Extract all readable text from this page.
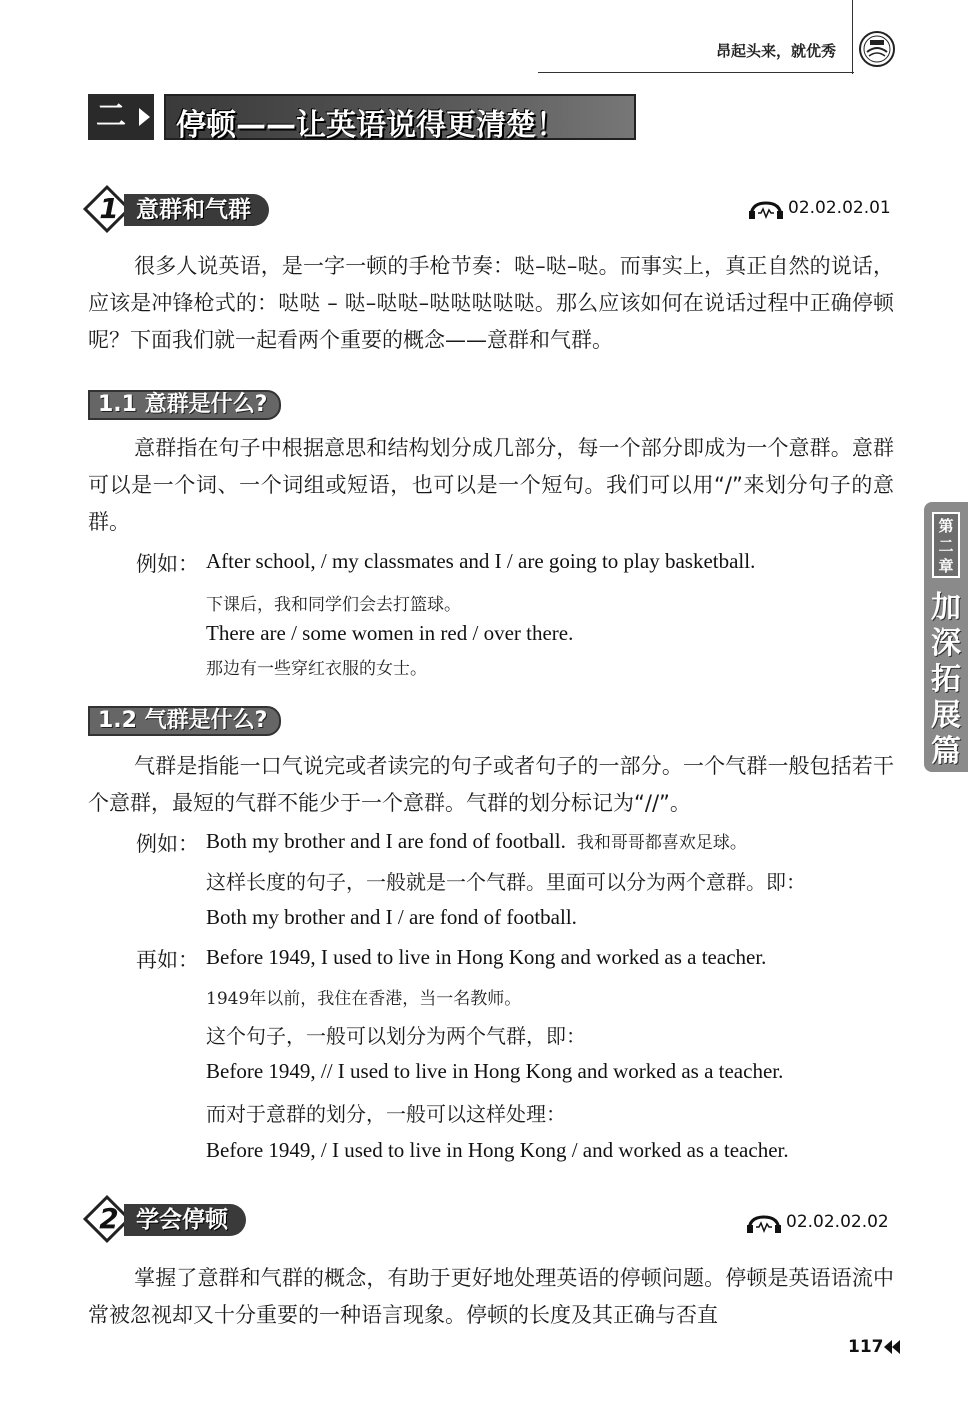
昂起头来，就优秀
二	停顿——让英语说得更清楚！
1 意群和气群	02.02.02.01
很多人说英语，是一字一顿的手枪节奏：哒–哒–哒。而事实上，真正自然的说话，应该是冲锋枪式的：哒哒 – 哒–哒哒–哒哒哒哒哒。那么应该如何在说话过程中正确停顿呢？下面我们就一起看两个重要的概念——意群和气群。
1.1 意群是什么?
意群指在句子中根据意思和结构划分成几部分，每一个部分即成为一个意群。意群可以是一个词、一个词组或短语，也可以是一个短句。我们可以用“/”来划分句子的意群。
例如： After school, / my classmates and I / are going to play basketball.
下课后，我和同学们会去打篮球。
There are / some women in red / over there.
那边有一些穿红衣服的女士。
1.2 气群是什么?
气群是指能一口气说完或者读完的句子或者句子的一部分。一个气群一般包括若干个意群，最短的气群不能少于一个意群。气群的划分标记为“//”。
例如： Both my brother and I are fond of football. 我和哥哥都喜欢足球。
这样长度的句子，一般就是一个气群。里面可以分为两个意群。即：
Both my brother and I / are fond of football.
再如： Before 1949, I used to live in Hong Kong and worked as a teacher.
1949年以前，我住在香港，当一名教师。
这个句子，一般可以划分为两个气群，即：
Before 1949, // I used to live in Hong Kong and worked as a teacher.
而对于意群的划分，一般可以这样处理：
Before 1949, / I used to live in Hong Kong / and worked as a teacher.
2 学会停顿	02.02.02.02
掌握了意群和气群的概念，有助于更好地处理英语的停顿问题。停顿是英语语流中常被忽视却又十分重要的一种语言现象。停顿的长度及其正确与否直
第二章
加深拓展篇
117
